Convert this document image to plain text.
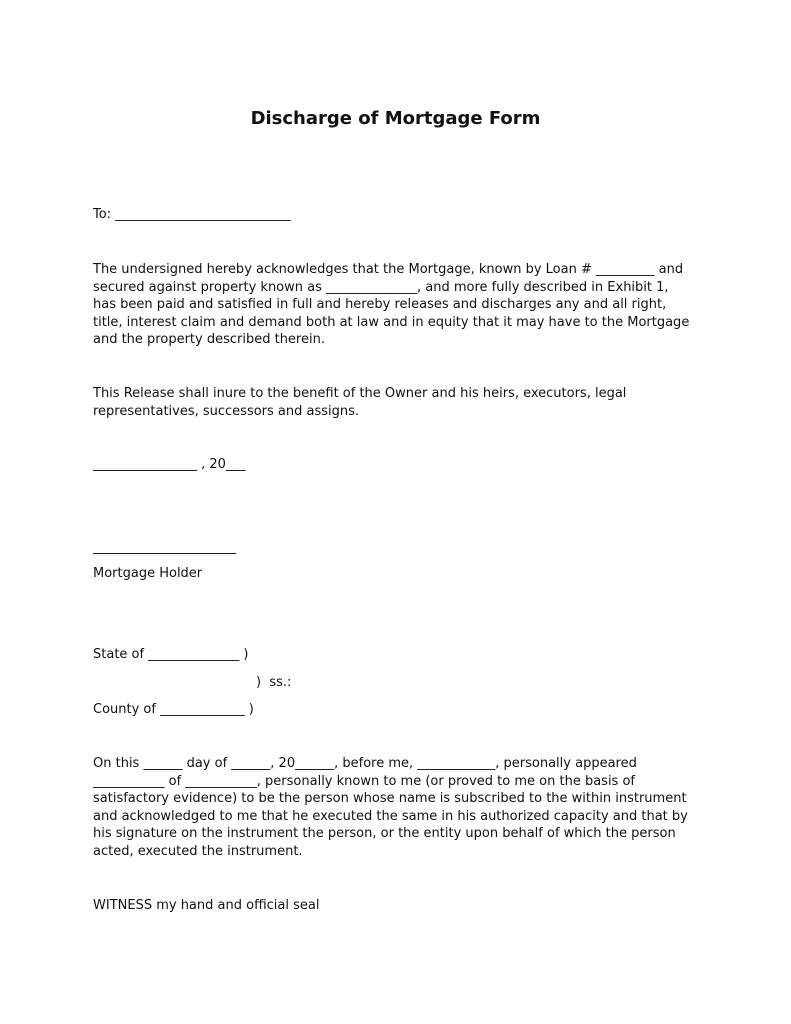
Discharge of Mortgage Form
To: ___________________________
The undersigned hereby acknowledges that the Mortgage, known by Loan # _________ and
secured against property known as ______________, and more fully described in Exhibit 1,
has been paid and satisfied in full and hereby releases and discharges any and all right,
title, interest claim and demand both at law and in equity that it may have to the Mortgage
and the property described therein.
This Release shall inure to the benefit of the Owner and his heirs, executors, legal
representatives, successors and assigns.
________________ , 20___
______________________
Mortgage Holder
State of ______________ )
)  ss.:
County of _____________ )
On this ______ day of ______, 20______, before me, ____________, personally appeared
___________ of ___________, personally known to me (or proved to me on the basis of
satisfactory evidence) to be the person whose name is subscribed to the within instrument
and acknowledged to me that he executed the same in his authorized capacity and that by
his signature on the instrument the person, or the entity upon behalf of which the person
acted, executed the instrument.
WITNESS my hand and official seal
